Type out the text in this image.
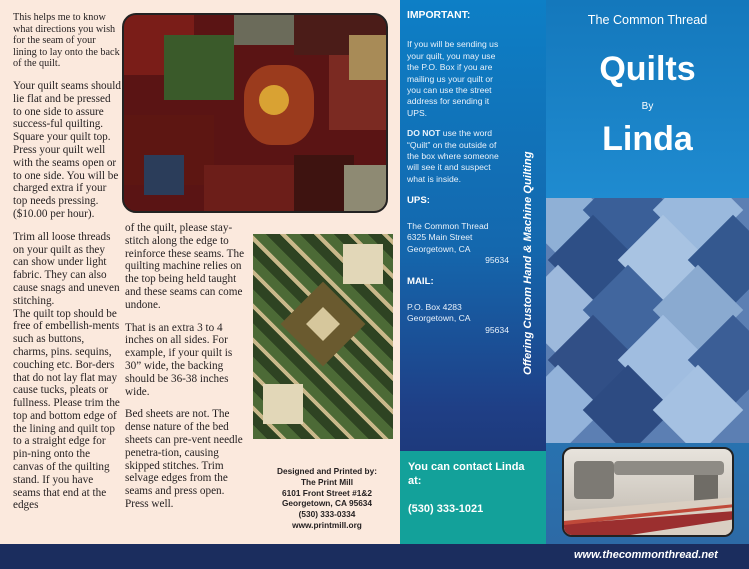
This helps me to know what directions you wish for the seam of your lining to lay onto the back of the quilt.

Your quilt seams should lie flat and be pressed to one side to assure success-ful quilting. Square your quilt top. Press your quilt well with the seams open or to one side. You will be charged extra if your top needs pressing. ($10.00 per hour).

Trim all loose threads on your quilt as they can show under light fabric. They can also cause snags and uneven stitching.

The quilt top should be free of embellish-ments such as buttons, charms, pins. sequins, couching etc. Bor-ders that do not lay flat may cause tucks, pleats or fullness. Please trim the top and bottom edge of the lining and quilt top to a straight edge for pin-ning onto the canvas of the quilting stand. If you have seams that end at the edges

of the quilt, please stay-stitch along the edge to reinforce these seams. The quilting machine relies on the top being held taught and these seams can come undone.

That is an extra 3 to 4 inches on all sides. For example, if your quilt is 30” wide, the backing should be 36-38 inches wide.

Bed sheets are not. The dense nature of the bed sheets can pre-vent needle penetra-tion, causing skipped stitches. Trim selvage edges from the seams and press open. Press well.

Designed and Printed by:
The Print Mill
6101 Front Street #1&2
Georgetown, CA 95634
(530) 333-0334
www.printmill.org
IMPORTANT:

If you will be sending us your quilt, you may use the P.O. Box if you are mailing us your quilt or you can use the street address for sending it UPS.

DO NOT use the word “Quilt” on the outside of the box where someone will see it and suspect what is inside.

UPS:
The Common Thread
6325 Main Street
Georgetown, CA
95634
MAIL:
P.O. Box 4283
Georgetown, CA
95634 Offering Custom Hand & Machine Quilting
You can contact Linda at:
(530) 333-1021
The Common Thread
Quilts
By
Linda
www.thecommonthread.net
